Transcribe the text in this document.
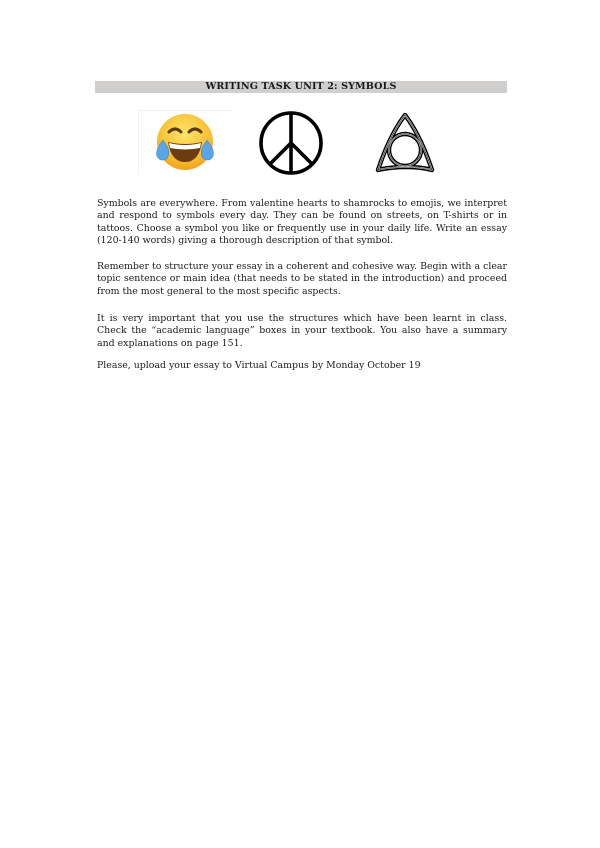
WRITING TASK UNIT 2: SYMBOLS

Symbols are everywhere. From valentine hearts to shamrocks to emojis, we interpret and respond to symbols every day. They can be found on streets, on T-shirts or in tattoos. Choose a symbol you like or frequently use in your daily life. Write an essay (120-140 words) giving a thorough description of that symbol.

Remember to structure your essay in a coherent and cohesive way. Begin with a clear topic sentence or main idea (that needs to be stated in the introduction) and proceed from the most general to the most specific aspects.

It is very important that you use the structures which have been learnt in class. Check the “academic language” boxes in your textbook. You also have a summary and explanations on page 151.

Please, upload your essay to Virtual Campus by Monday October 19
